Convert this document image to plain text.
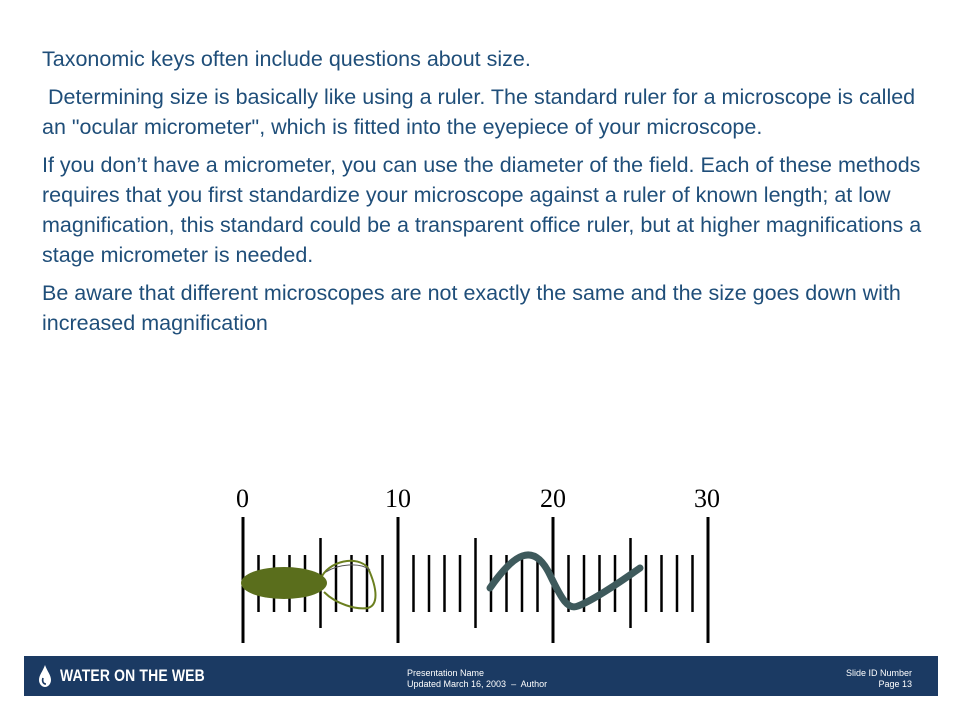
Taxonomic keys often include questions about size.

Determining size is basically like using a ruler. The standard ruler for a microscope is called an "ocular micrometer", which is fitted into the eyepiece of your microscope.

If you don’t have a micrometer, you can use the diameter of the field. Each of these methods requires that you first standardize your microscope against a ruler of known length; at low magnification, this standard could be a transparent office ruler, but at higher magnifications a stage micrometer is needed.

Be aware that different microscopes are not exactly the same and the size goes down with increased magnification

0	10	20	30
WATER ON THE WEB	Presentation Name
Updated March 16, 2003  –  Author
Slide ID Number
Page 13
